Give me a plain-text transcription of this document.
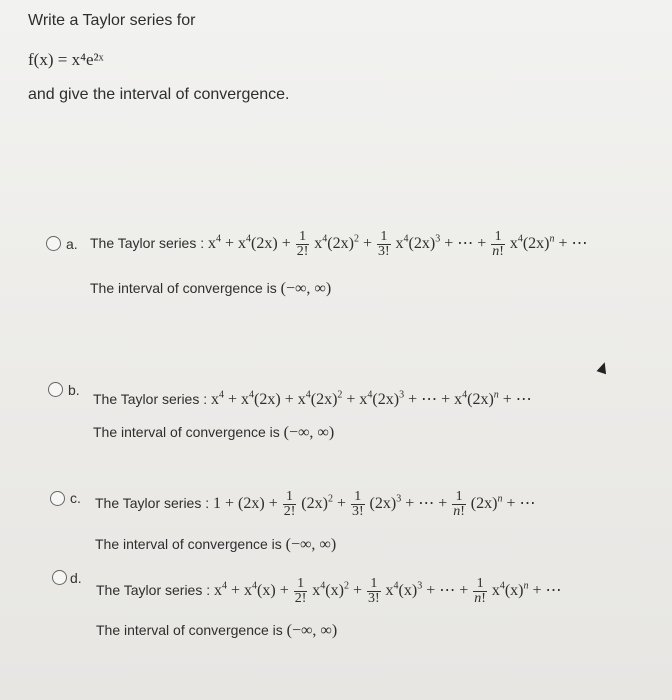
Write a Taylor series for
f(x) = x⁴e²ˣ
and give the interval of convergence.
a. The Taylor series : $x^4 + x^4(2x) + \frac{1}{2!} x^4(2x)^2 + \frac{1}{3!} x^4(2x)^3$ + ⋯ + $\frac{1}{n!} x^4(2x)^n$ + ⋯
The interval of convergence is (−∞, ∞)
b.
The Taylor series : $x^4 + x^4(2x) + x^4(2x)^2 + x^4(2x)^3$ + ⋯ + $x^4(2x)^n$ + ⋯
The interval of convergence is (−∞, ∞)
c. The Taylor series : $1 + (2x) + \frac{1}{2!} (2x)^2 + \frac{1}{3!} (2x)^3$ + ⋯ + $\frac{1}{n!} (2x)^n$ + ⋯
The interval of convergence is (−∞, ∞)
d.
The Taylor series : $x^4 + x^4(x) + \frac{1}{2!} x^4(x)^2 + \frac{1}{3!} x^4(x)^3$ + ⋯ + $\frac{1}{n!} x^4(x)^n$ + ⋯
The interval of convergence is (−∞, ∞)
